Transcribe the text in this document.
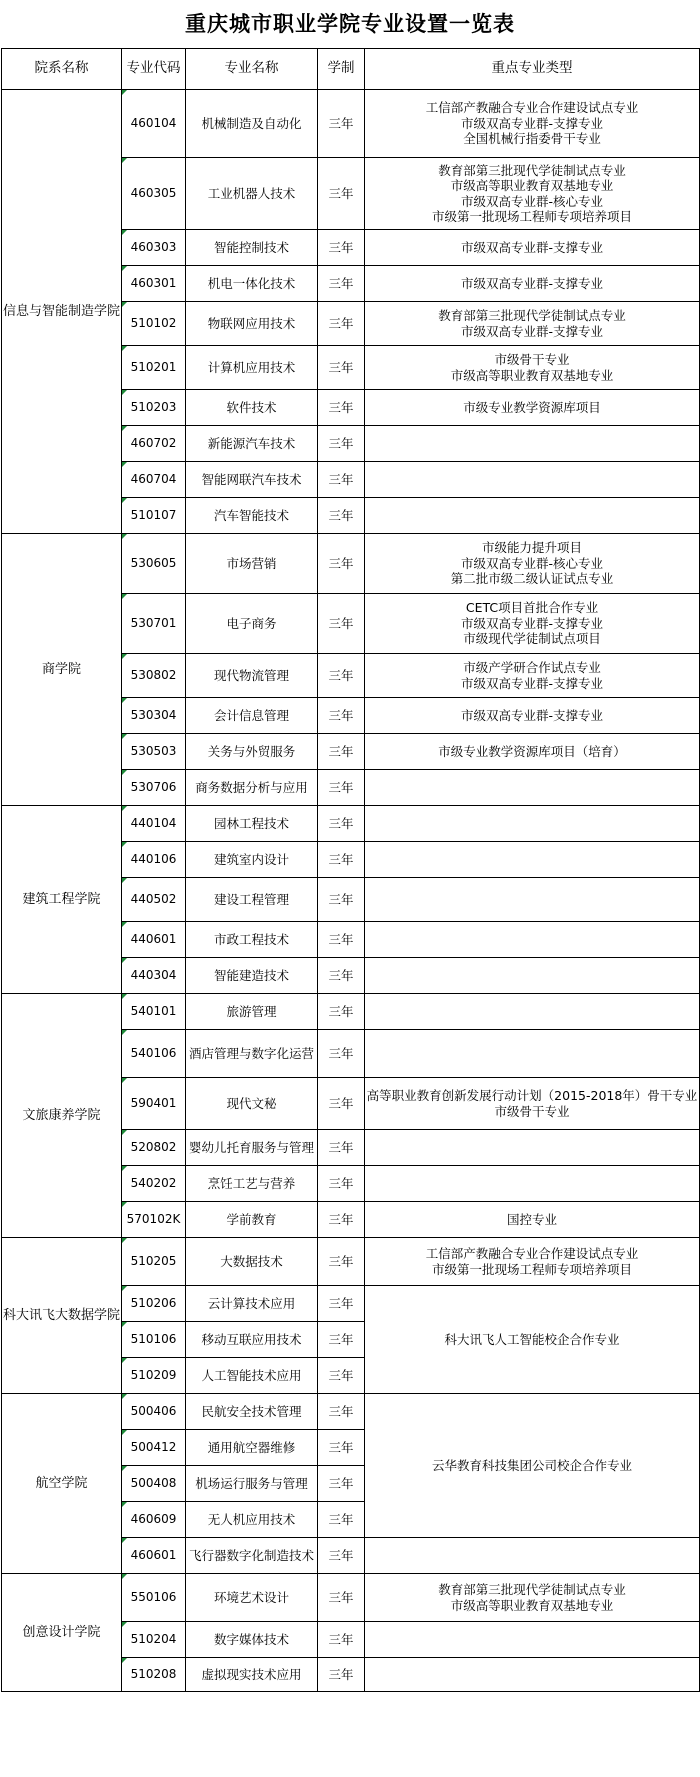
重庆城市职业学院专业设置一览表
院系名称	专业代码	专业名称	学制	重点专业类型
信息与智能制造学院	460104	机械制造及自动化	三年	工信部产教融合专业合作建设试点专业
市级双高专业群-支撑专业
全国机械行指委骨干专业

	460305	工业机器人技术	三年	教育部第三批现代学徒制试点专业
市级高等职业教育双基地专业
市级双高专业群-核心专业
市级第一批现场工程师专项培养项目

	460303	智能控制技术	三年	市级双高专业群-支撑专业

	460301	机电一体化技术	三年	市级双高专业群-支撑专业

	510102	物联网应用技术	三年	教育部第三批现代学徒制试点专业
市级双高专业群-支撑专业

	510201	计算机应用技术	三年	市级骨干专业
市级高等职业教育双基地专业

	510203	软件技术	三年	市级专业教学资源库项目

	460702	新能源汽车技术	三年	
	460704	智能网联汽车技术	三年	
	510107	汽车智能技术	三年	
商学院	530605	市场营销	三年	市级能力提升项目
市级双高专业群-核心专业
第二批市级二级认证试点专业

	530701	电子商务	三年	CETC项目首批合作专业
市级双高专业群-支撑专业
市级现代学徒制试点项目

	530802	现代物流管理	三年	市级产学研合作试点专业
市级双高专业群-支撑专业

	530304	会计信息管理	三年	市级双高专业群-支撑专业

	530503	关务与外贸服务	三年	市级专业教学资源库项目（培育）

	530706	商务数据分析与应用	三年	
建筑工程学院	440104	园林工程技术	三年	
	440106	建筑室内设计	三年	
	440502	建设工程管理	三年	
	440601	市政工程技术	三年	
	440304	智能建造技术	三年	
文旅康养学院	540101	旅游管理	三年	
	540106	酒店管理与数字化运营	三年	
	590401	现代文秘	三年	高等职业教育创新发展行动计划（2015-2018年）骨干专业
市级骨干专业

	520802	婴幼儿托育服务与管理	三年	
	540202	烹饪工艺与营养	三年	
	570102K	学前教育	三年	国控专业

科大讯飞大数据学院	510205	大数据技术	三年	工信部产教融合专业合作建设试点专业
市级第一批现场工程师专项培养项目

	510206	云计算技术应用	三年	科大讯飞人工智能校企合作专业
	510106	移动互联应用技术	三年	
	510209	人工智能技术应用	三年	
航空学院	500406	民航安全技术管理	三年	云华教育科技集团公司校企合作专业
	500412	通用航空器维修	三年	
	500408	机场运行服务与管理	三年	
	460609	无人机应用技术	三年	
	460601	飞行器数字化制造技术	三年	
创意设计学院	550106	环境艺术设计	三年	教育部第三批现代学徒制试点专业
市级高等职业教育双基地专业

	510204	数字媒体技术	三年	
	510208	虚拟现实技术应用	三年	
